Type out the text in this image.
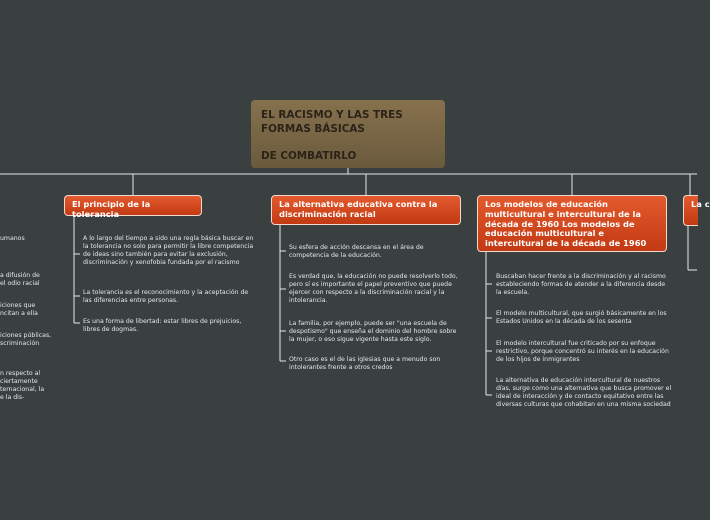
EL RACISMO Y LAS TRES
FORMAS BÁSICAS

DE COMBATIRLO
umanos
a difusión de
el odio racial
iciones que
ncitan a ella
iciones públicas,
scriminación
n respecto al
ciertamente
ternacional, la
e la dis-
El principio de la tolerancia
A lo largo del tiempo a sido una regla básica buscar en la tolerancia no solo para permitir la libre competencia de ideas sino también para evitar la exclusión, discriminación y xenofobia fundada por el racismo
La tolerancia es el reconocimiento y la aceptación de las diferencias entre personas.
Es una forma de libertad: estar libres de prejuicios, libres de dogmas.
La alternativa educativa contra la discriminación racial
Su esfera de acción descansa en el área de competencia de la educación.
Es verdad que, la educación no puede resolverlo todo, pero sí es importante el papel preventivo que puede ejercer con respecto a la discriminación racial y la intolerancia.
La familia, por ejemplo, puede ser "una escuela de despotismo" que enseña el dominio del hombre sobre la mujer, o eso sigue vigente hasta este siglo.
Otro caso es el de las iglesias que a menudo son intolerantes frente a otros credos
Los modelos de educación multicultural e intercultural de la década de 1960 Los modelos de educación multicultural e intercultural de la década de 1960
Buscaban hacer frente a la discriminación y al racismo estableciendo formas de atender a la diferencia desde la escuela.
El modelo multicultural, que surgió básicamente en los Estados Unidos en la década de los sesenta
El modelo intercultural fue criticado por su enfoque restrictivo, porque concentró su interés en la educación de los hijos de inmigrantes
La alternativa de educación intercultural de nuestros días, surge como una alternativa que busca promover el ideal de interacción y de contacto equitativo entre las diversas culturas que cohabitan en una misma sociedad
La c
